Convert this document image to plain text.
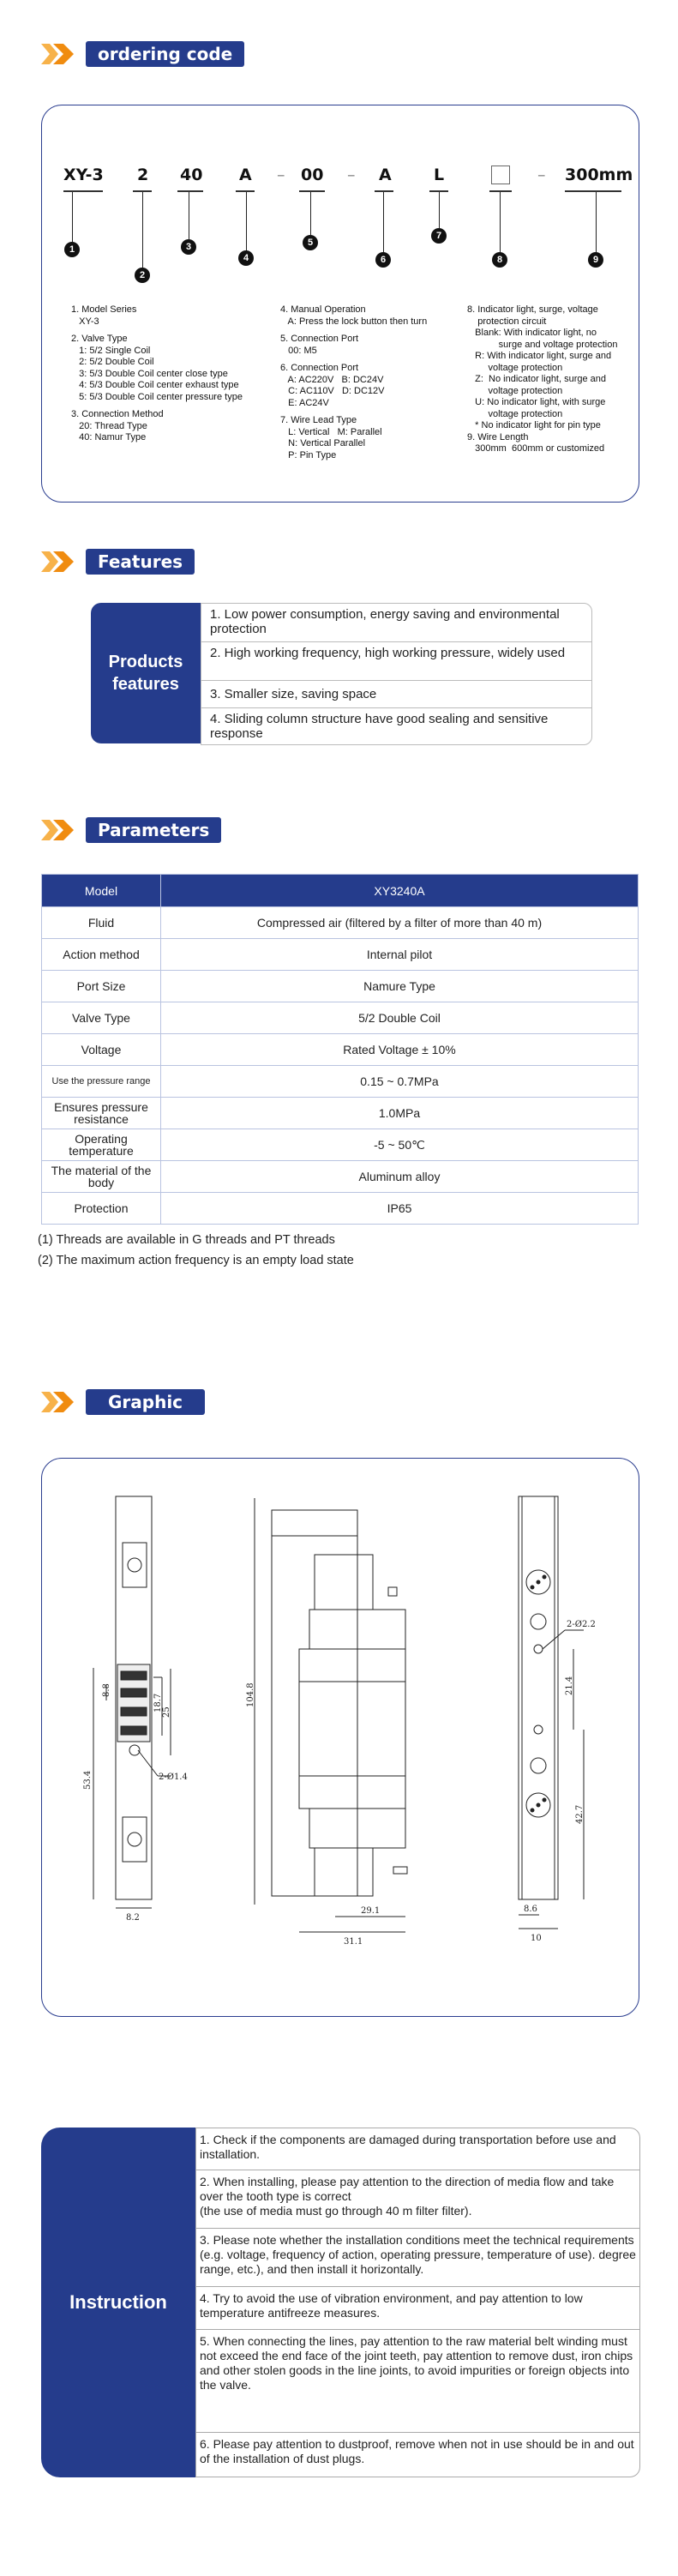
ordering code
XY-3 2 40 A – 00 – A	L	– 300mm
1
2
3
4
5
6
7
8	9

1. Model Series

XY-3

2. Valve Type

1: 5/2 Single Coil

2: 5/2 Double Coil

3: 5/3 Double Coil center close type

4: 5/3 Double Coil center exhaust type

5: 5/3 Double Coil center pressure type

3. Connection Method

20: Thread Type

40: Namur Type

4. Manual Operation

A: Press the lock button then turn

5. Connection Port

00: M5

6. Connection Port

A: AC220V   B: DC24V

C: AC110V   D: DC12V

E: AC24V

7. Wire Lead Type

L: Vertical   M: Parallel

N: Vertical Parallel

P: Pin Type

8. Indicator light, surge, voltage

protection circuit

Blank: With indicator light, no

surge and voltage protection

R: With indicator light, surge and

voltage protection

Z:  No indicator light, surge and

voltage protection

U: No indicator light, with surge

voltage protection

* No indicator light for pin type

9. Wire Length

300mm  600mm or customized

Features
Products
features
1. Low power consumption, energy saving and environmental protection
2. High working frequency, high working pressure, widely used
3. Smaller size, saving space
4. Sliding column structure have good sealing and sensitive response
Parameters
Model	XY3240A
Fluid	Compressed air (filtered by a filter of more than 40 m)
Action method	Internal pilot
Port Size	Namure Type
Valve Type	5/2 Double Coil
Voltage	Rated Voltage ± 10%
Use the pressure range	0.15 ~ 0.7MPa
Ensures pressure resistance	1.0MPa
Operating temperature	-5 ~ 50℃
The material of the body	Aluminum alloy
Protection	IP65
(1) Threads are available in G threads and PT threads
(2) The maximum action frequency is an empty load state
Graphic
8.8
18.7 25
53.4	2-Ø1.4
8.2
104.8
29.1
31.1
2-Ø2.2
21.4
42.7
8.6
10
Instruction
1. Check if the components are damaged during transportation before use and installation.
2. When installing, please pay attention to the direction of media flow and take over the tooth type is correct
(the use of media must go through 40 m filter filter).
3. Please note whether the installation conditions meet the technical requirements (e.g. voltage, frequency of action, operating pressure, temperature of use). degree range, etc.), and then install it horizontally.
4. Try to avoid the use of vibration environment, and pay attention to low temperature antifreeze measures.
5. When connecting the lines, pay attention to the raw material belt winding must not exceed the end face of the joint teeth, pay attention to remove dust, iron chips and other stolen goods in the line joints, to avoid impurities or foreign objects into the valve.
6. Please pay attention to dustproof, remove when not in use should be in and out of the installation of dust plugs.
